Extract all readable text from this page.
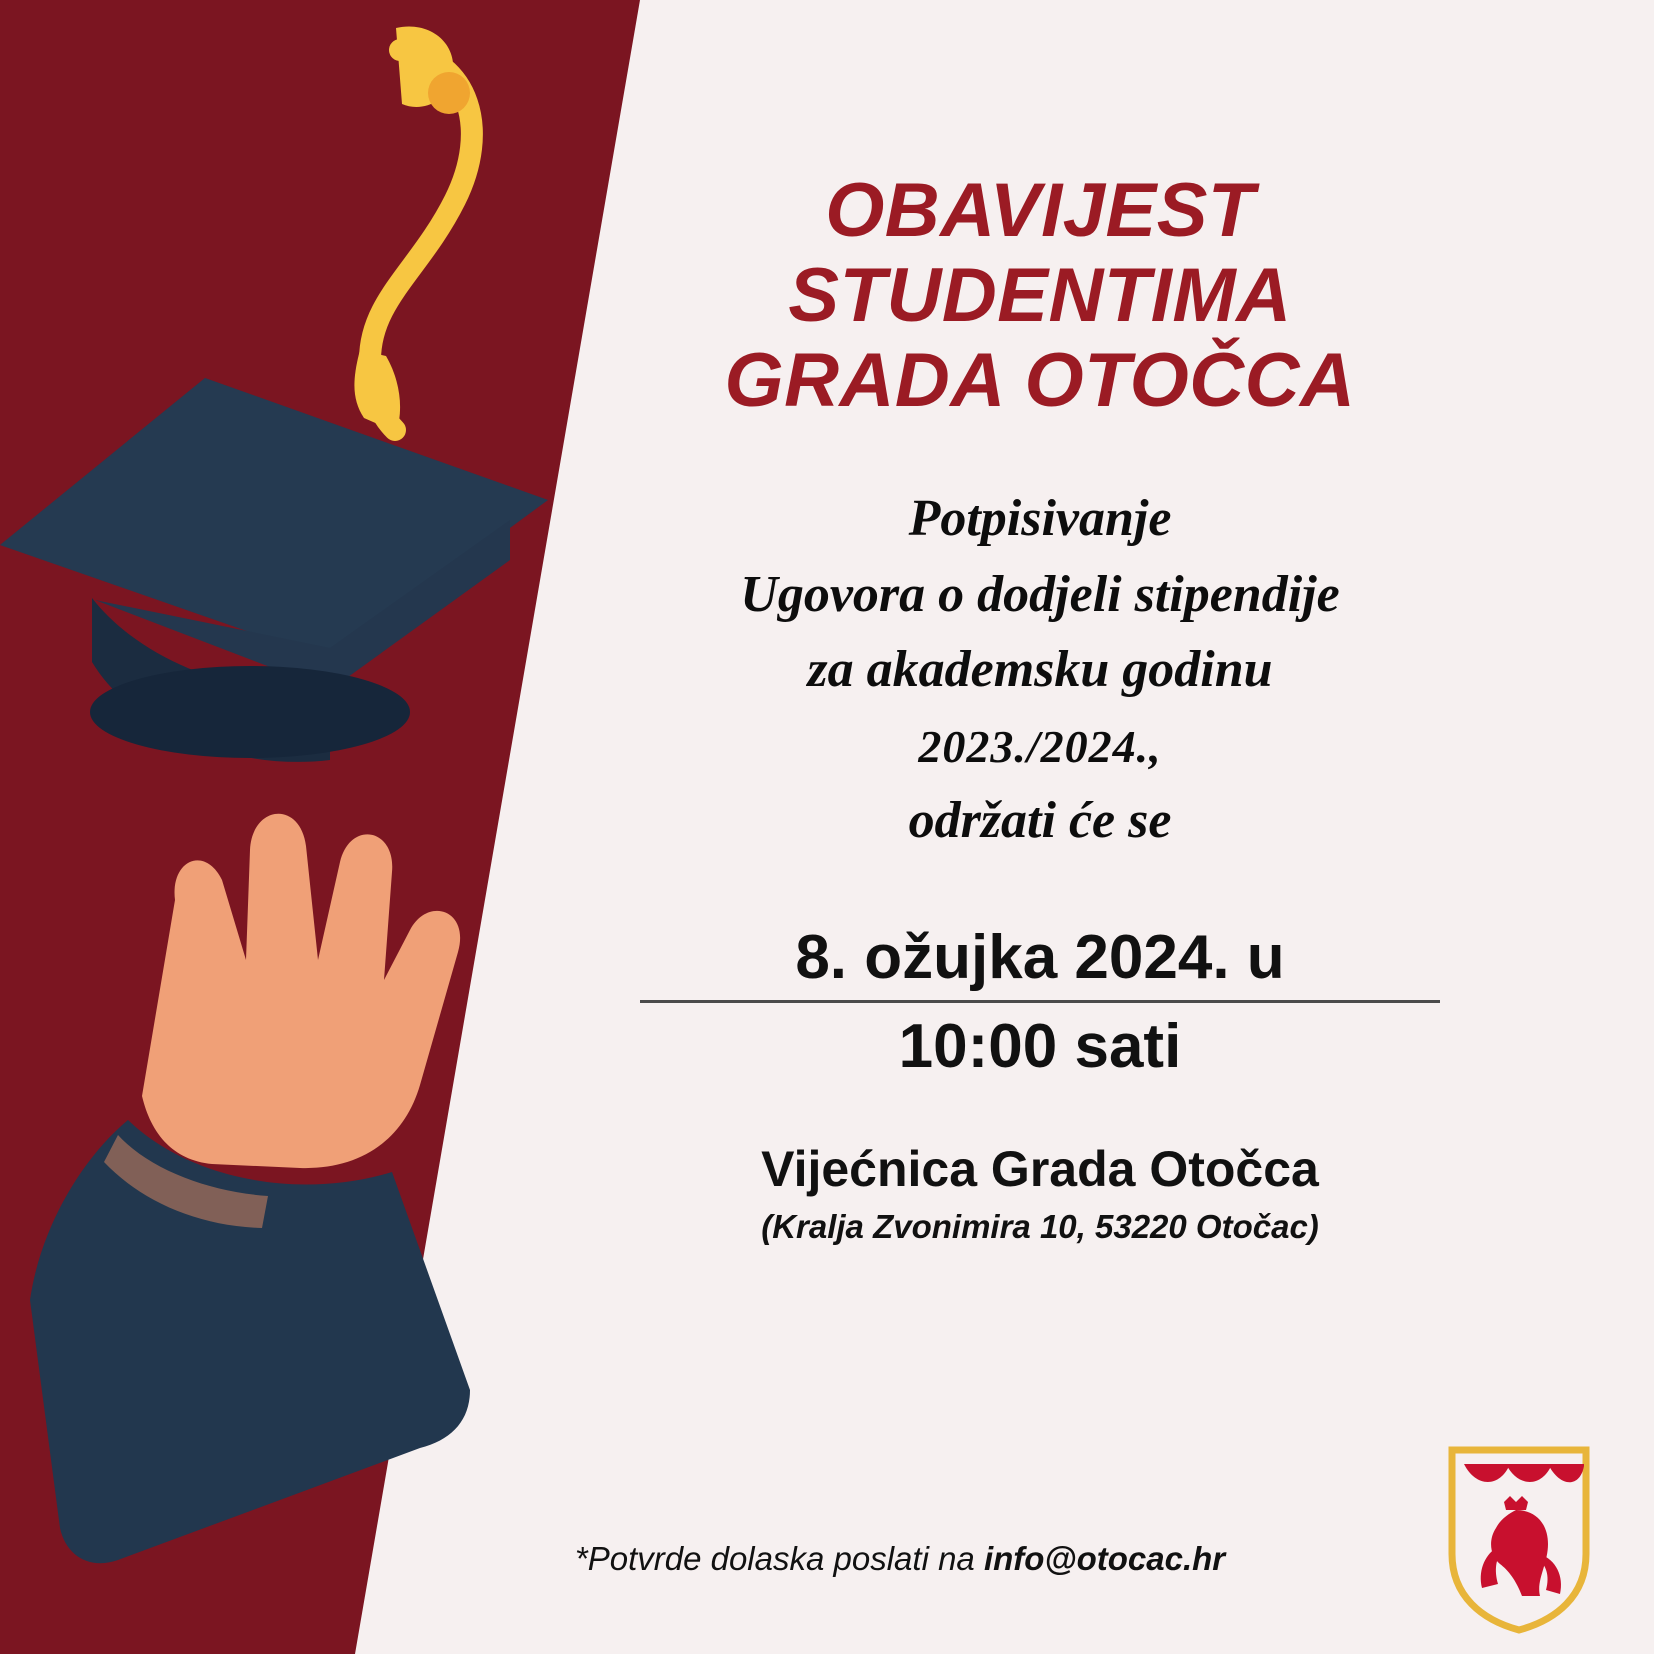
OBAVIJEST
STUDENTIMA
GRADA OTOČCA
Potpisivanje
Ugovora o dodjeli stipendije
za akademsku godinu
2023./2024.,
održati će se
8. ožujka 2024. u
10:00 sati
Vijećnica Grada Otočca
(Kralja Zvonimira 10, 53220 Otočac)
*Potvrde dolaska poslati na info@otocac.hr
